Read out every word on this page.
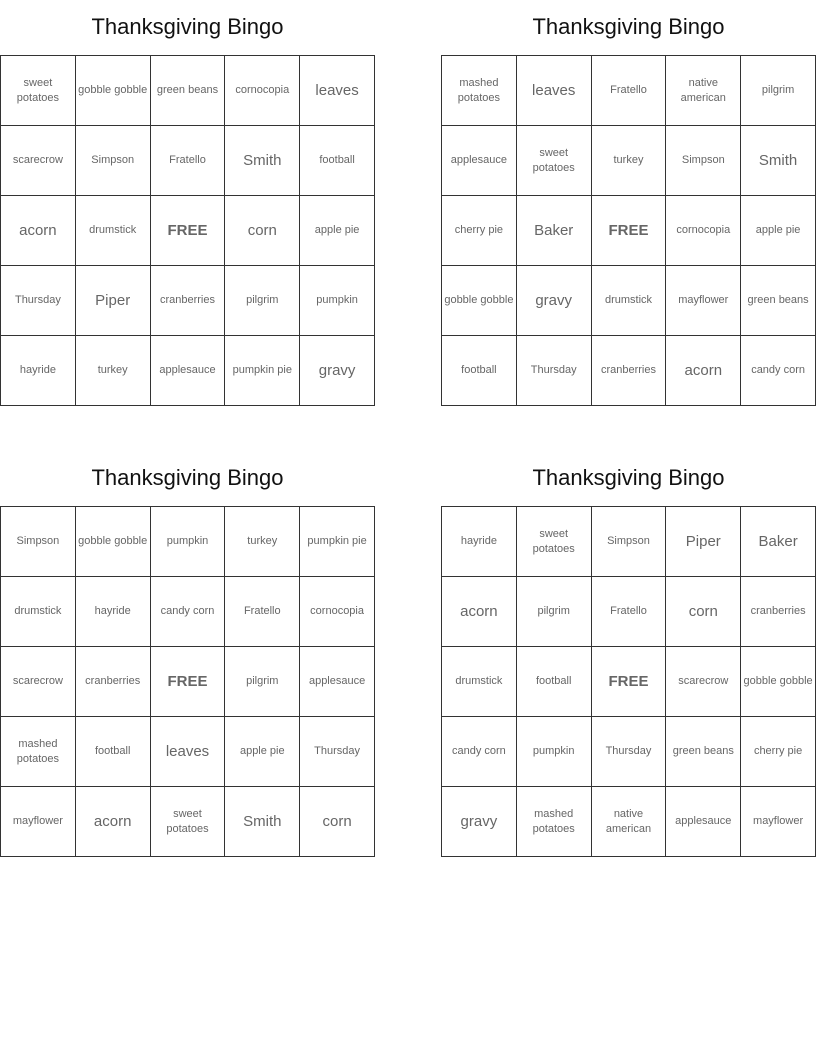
Thanksgiving Bingo
sweet potatoes	gobble gobble	green beans	cornocopia	leaves
scarecrow	Simpson	Fratello	Smith	football
acorn	drumstick	FREE	corn	apple pie
Thursday	Piper	cranberries	pilgrim	pumpkin
hayride	turkey	applesauce	pumpkin pie	gravy
Thanksgiving Bingo
mashed potatoes	leaves	Fratello	native american	pilgrim
applesauce	sweet potatoes	turkey	Simpson	Smith
cherry pie	Baker	FREE	cornocopia	apple pie
gobble gobble	gravy	drumstick	mayflower	green beans
football	Thursday	cranberries	acorn	candy corn
Thanksgiving Bingo
Simpson	gobble gobble	pumpkin	turkey	pumpkin pie
drumstick	hayride	candy corn	Fratello	cornocopia
scarecrow	cranberries	FREE	pilgrim	applesauce
mashed potatoes	football	leaves	apple pie	Thursday
mayflower	acorn	sweet potatoes	Smith	corn
Thanksgiving Bingo
hayride	sweet potatoes	Simpson	Piper	Baker
acorn	pilgrim	Fratello	corn	cranberries
drumstick	football	FREE	scarecrow	gobble gobble
candy corn	pumpkin	Thursday	green beans	cherry pie
gravy	mashed potatoes	native american	applesauce	mayflower
